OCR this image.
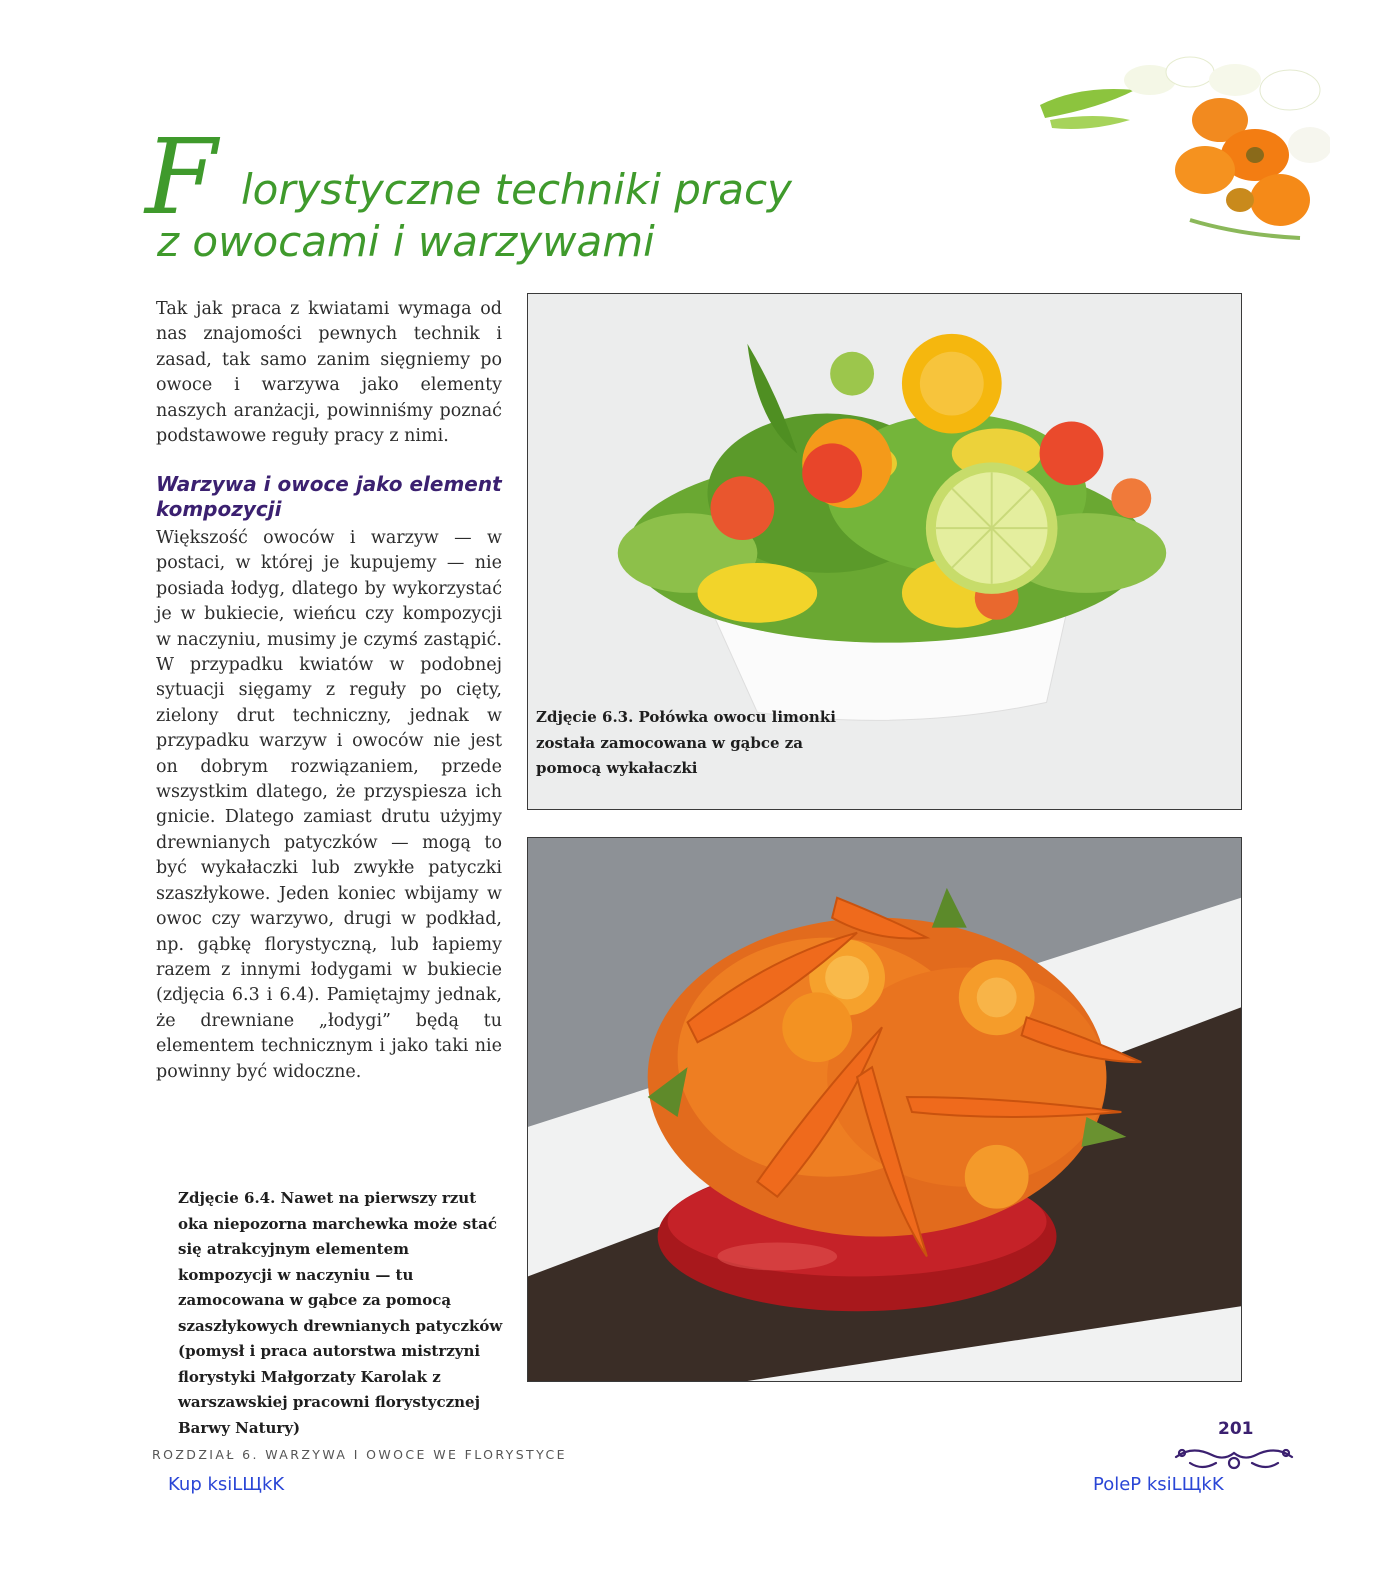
F lorystyczne techniki pracy
z owocami i warzywami

Tak jak praca z kwiatami wymaga od nas znajomości pewnych technik i zasad, tak samo zanim sięgniemy po owoce i warzywa jako elementy naszych aranżacji, powinniśmy poznać podstawowe reguły pracy z nimi.

Warzywa i owoce jako element kompozycji

Większość owoców i warzyw — w postaci, w której je kupujemy — nie posiada łodyg, dlatego by wykorzystać je w bukiecie, wieńcu czy kompozycji w naczyniu, musimy je czymś zastąpić. W przypadku kwiatów w podobnej sytuacji sięgamy z reguły po cięty, zielony drut techniczny, jednak w przypadku warzyw i owoców nie jest on dobrym rozwiązaniem, przede wszystkim dlatego, że przyspiesza ich gnicie. Dlatego zamiast drutu użyjmy drewnianych patyczków — mogą to być wykałaczki lub zwykłe patyczki szaszłykowe. Jeden koniec wbijamy w owoc czy warzywo, drugi w podkład, np. gąbkę florystyczną, lub łapiemy razem z innymi łodygami w bukiecie (zdjęcia 6.3 i 6.4). Pamiętajmy jednak, że drewniane „łodygi” będą tu elementem technicznym i jako taki nie powinny być widoczne.

Zdjęcie 6.3. Połówka owocu limonki została zamocowana w gąbce za pomocą wykałaczki

Zdjęcie 6.4. Nawet na pierwszy rzut oka niepozorna marchewka może stać się atrakcyjnym elementem kompozycji w naczyniu — tu zamocowana w gąbce za pomocą szaszłykowych drewnianych patyczków (pomysł i praca autorstwa mistrzyni florystyki Małgorzaty Karolak z warszawskiej pracowni florystycznej Barwy Natury)

ROZDZIAŁ 6. WARZYWA I OWOCE WE FLORYSTYCE
201
Kup ksiLЩkK	PoleP ksiLЩkK
